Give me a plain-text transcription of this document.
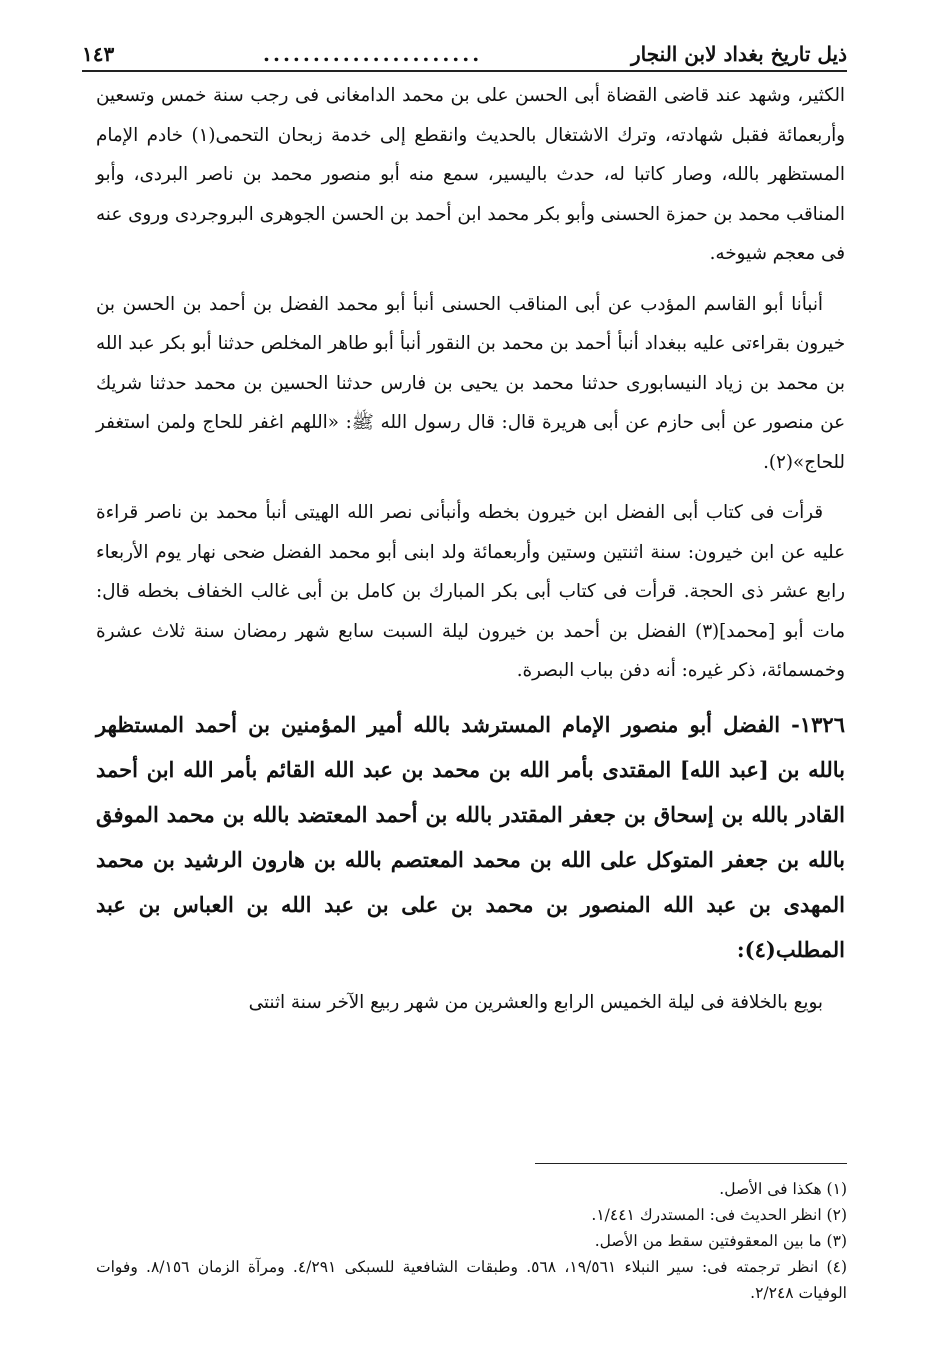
ذيل تاريخ بغداد لابن النجار
......................
١٤٣

الكثير، وشهد عند قاضى القضاة أبى الحسن على بن محمد الدامغانى فى رجب سنة خمس وتسعين وأربعمائة فقبل شهادته، وترك الاشتغال بالحديث وانقطع إلى خدمة زبحان التحمى(١) خادم الإمام المستظهر بالله، وصار كاتبا له، حدث باليسير، سمع منه أبو منصور محمد بن ناصر البردى، وأبو المناقب محمد بن حمزة الحسنى وأبو بكر محمد ابن أحمد بن الحسن الجوهرى البروجردى وروى عنه فى معجم شيوخه.

أنبأنا أبو القاسم المؤدب عن أبى المناقب الحسنى أنبأ أبو محمد الفضل بن أحمد بن الحسن بن خيرون بقراءتى عليه ببغداد أنبأ أحمد بن محمد بن النقور أنبأ أبو طاهر المخلص حدثنا أبو بكر عبد الله بن محمد بن زياد النيسابورى حدثنا محمد بن يحيى بن فارس حدثنا الحسين بن محمد حدثنا شريك عن منصور عن أبى حازم عن أبى هريرة قال: قال رسول الله ﷺ: «اللهم اغفر للحاج ولمن استغفر للحاج»(٢).

قرأت فى كتاب أبى الفضل ابن خيرون بخطه وأنبأنى نصر الله الهيتى أنبأ محمد بن ناصر قراءة عليه عن ابن خيرون: سنة اثنتين وستين وأربعمائة ولد ابنى أبو محمد الفضل ضحى نهار يوم الأربعاء رابع عشر ذى الحجة. قرأت فى كتاب أبى بكر المبارك بن كامل بن أبى غالب الخفاف بخطه قال: مات أبو [محمد](٣) الفضل بن أحمد بن خيرون ليلة السبت سابع شهر رمضان سنة ثلاث عشرة وخمسمائة، ذكر غيره: أنه دفن بباب البصرة.

١٣٢٦- الفضل أبو منصور الإمام المسترشد بالله أمير المؤمنين بن أحمد المستظهر بالله بن [عبد الله] المقتدى بأمر الله بن محمد بن عبد الله القائم بأمر الله ابن أحمد القادر بالله بن إسحاق بن جعفر المقتدر بالله بن أحمد المعتضد بالله بن محمد الموفق بالله بن جعفر المتوكل على الله بن محمد المعتصم بالله بن هارون الرشيد بن محمد المهدى بن عبد الله المنصور بن محمد بن على بن عبد الله بن العباس بن عبد المطلب(٤):

بويع بالخلافة فى ليلة الخميس الرابع والعشرين من شهر ربيع الآخر سنة اثنتى

(١) هكذا فى الأصل.

(٢) انظر الحديث فى: المستدرك ١/٤٤١.

(٣) ما بين المعقوفتين سقط من الأصل.

(٤) انظر ترجمته فى: سير النبلاء ١٩/٥٦١، ٥٦٨. وطبقات الشافعية للسبكى ٤/٢٩١. ومرآة الزمان ٨/١٥٦. وفوات الوفيات ٢/٢٤٨.
